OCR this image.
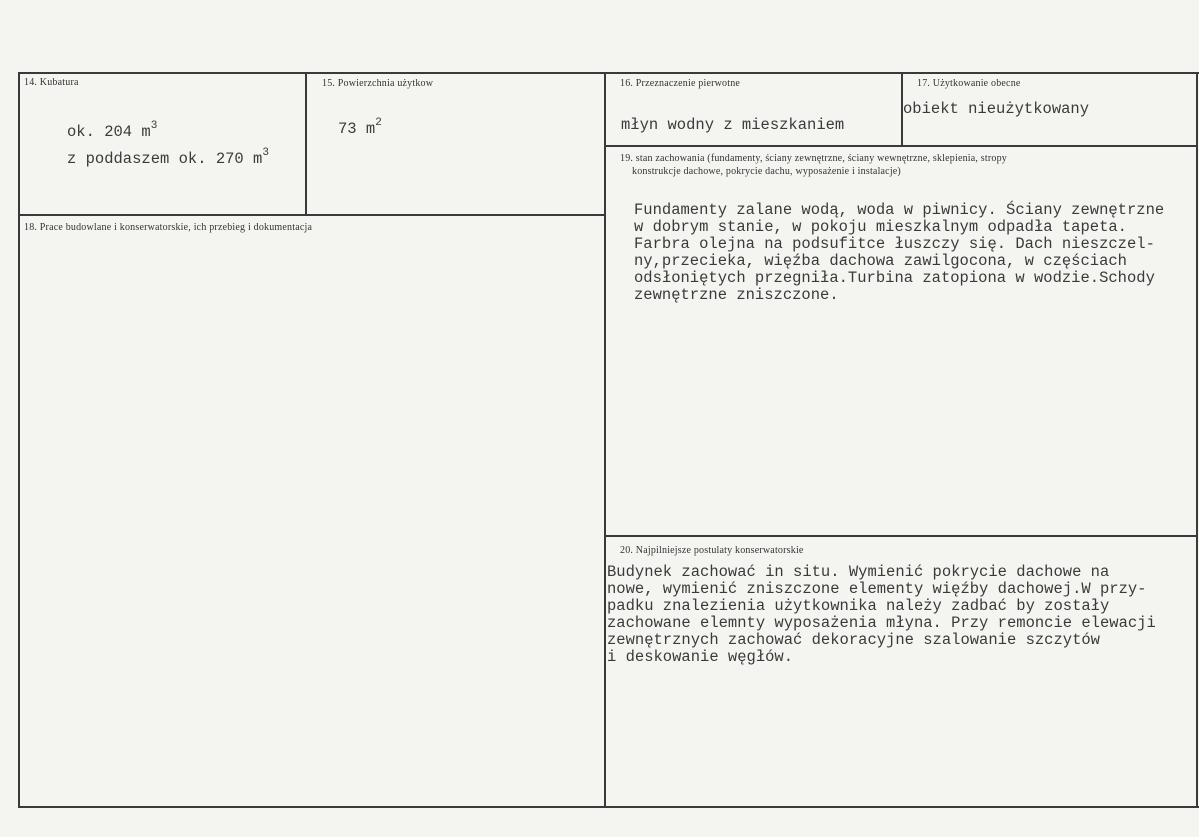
14. Kubatura
ok. 204 $m^3$
z poddaszem ok. 270 $m^3$
15. Powierzchnia użytkow
73 $m^2$
16. Przeznaczenie pierwotne
młyn wodny z mieszkaniem
17. Użytkowanie obecne
obiekt nieużytkowany
18. Prace budowlane i konserwatorskie, ich przebieg i dokumentacja
19. stan zachowania (fundamenty, ściany zewnętrzne, ściany wewnętrzne, sklepienia, stropy
konstrukcje dachowe, pokrycie dachu, wyposażenie i instalacje)
Fundamenty zalane wodą, woda w piwnicy. Ściany zewnętrzne
w dobrym stanie, w pokoju mieszkalnym odpadła tapeta.
Farbra olejna na podsufitce łuszczy się. Dach nieszczel-
ny,przecieka, więźba dachowa zawilgocona, w częściach
odsłoniętych przegniła.Turbina zatopiona w wodzie.Schody
zewnętrzne zniszczone.
20. Najpilniejsze postulaty konserwatorskie
Budynek zachować in situ. Wymienić pokrycie dachowe na
nowe, wymienić zniszczone elementy więźby dachowej.W przy-
padku znalezienia użytkownika należy zadbać by zostały
zachowane elemnty wyposażenia młyna. Przy remoncie elewacji
zewnętrznych zachować dekoracyjne szalowanie szczytów
i deskowanie węgłów.
